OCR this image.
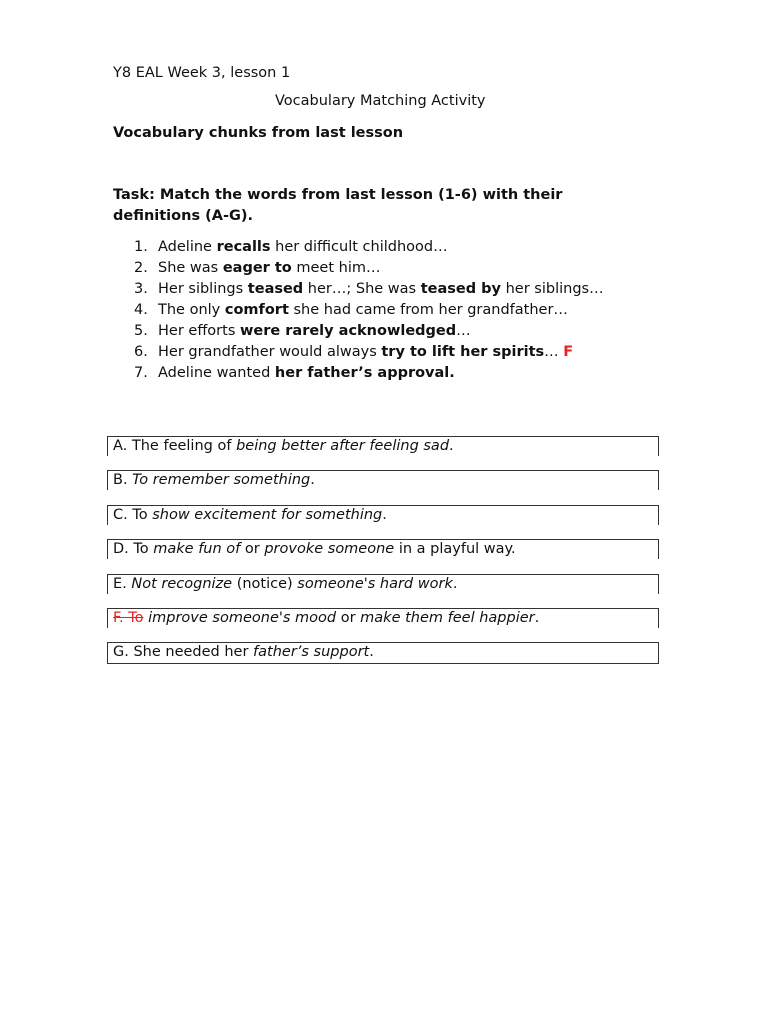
Y8 EAL Week 3, lesson 1
Vocabulary Matching Activity
Vocabulary chunks from last lesson
Task: Match the words from last lesson (1-6) with their
definitions (A-G).
1. Adeline recalls her difficult childhood…
2. She was eager to meet him…
3. Her siblings teased her…; She was teased by her siblings…
4. The only comfort she had came from her grandfather…
5. Her efforts were rarely acknowledged…
6. Her grandfather would always try to lift her spirits… F
7. Adeline wanted her father’s approval.
A. The feeling of being better after feeling sad.
B. To remember something.
C. To show excitement for something.
D. To make fun of or provoke someone in a playful way.
E. Not recognize (notice) someone's hard work.
F. To improve someone's mood or make them feel happier.
G. She needed her father’s support.
